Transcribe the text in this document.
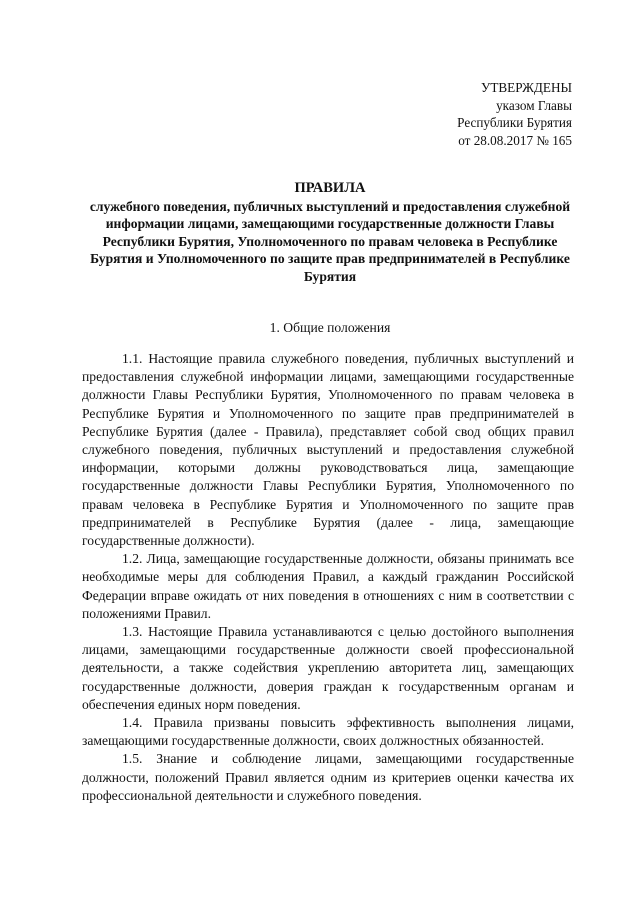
УТВЕРЖДЕНЫ
указом Главы
Республики Бурятия
от 28.08.2017 № 165
ПРАВИЛА
служебного поведения, публичных выступлений и предоставления служебной информации лицами, замещающими государственные должности Главы Республики Бурятия, Уполномоченного по правам человека в Республике Бурятия и Уполномоченного по защите прав предпринимателей в Республике Бурятия
1. Общие положения

1.1. Настоящие правила служебного поведения, публичных выступлений и предоставления служебной информации лицами, замещающими государственные должности Главы Республики Бурятия, Уполномоченного по правам человека в Республике Бурятия и Уполномоченного по защите прав предпринимателей в Республике Бурятия (далее - Правила), представляет собой свод общих правил служебного поведения, публичных выступлений и предоставления служебной информации, которыми должны руководствоваться лица, замещающие государственные должности Главы Республики Бурятия, Уполномоченного по правам человека в Республике Бурятия и Уполномоченного по защите прав предпринимателей в Республике Бурятия (далее - лица, замещающие государственные должности).

1.2. Лица, замещающие государственные должности, обязаны принимать все необходимые меры для соблюдения Правил, а каждый гражданин Российской Федерации вправе ожидать от них поведения в отношениях с ним в соответствии с положениями Правил.

1.3. Настоящие Правила устанавливаются с целью достойного выполнения лицами, замещающими государственные должности своей профессиональной деятельности, а также содействия укреплению авторитета лиц, замещающих государственные должности, доверия граждан к государственным органам и обеспечения единых норм поведения.

1.4. Правила призваны повысить эффективность выполнения лицами, замещающими государственные должности, своих должностных обязанностей.

1.5. Знание и соблюдение лицами, замещающими государственные должности, положений Правил является одним из критериев оценки качества их профессиональной деятельности и служебного поведения.
